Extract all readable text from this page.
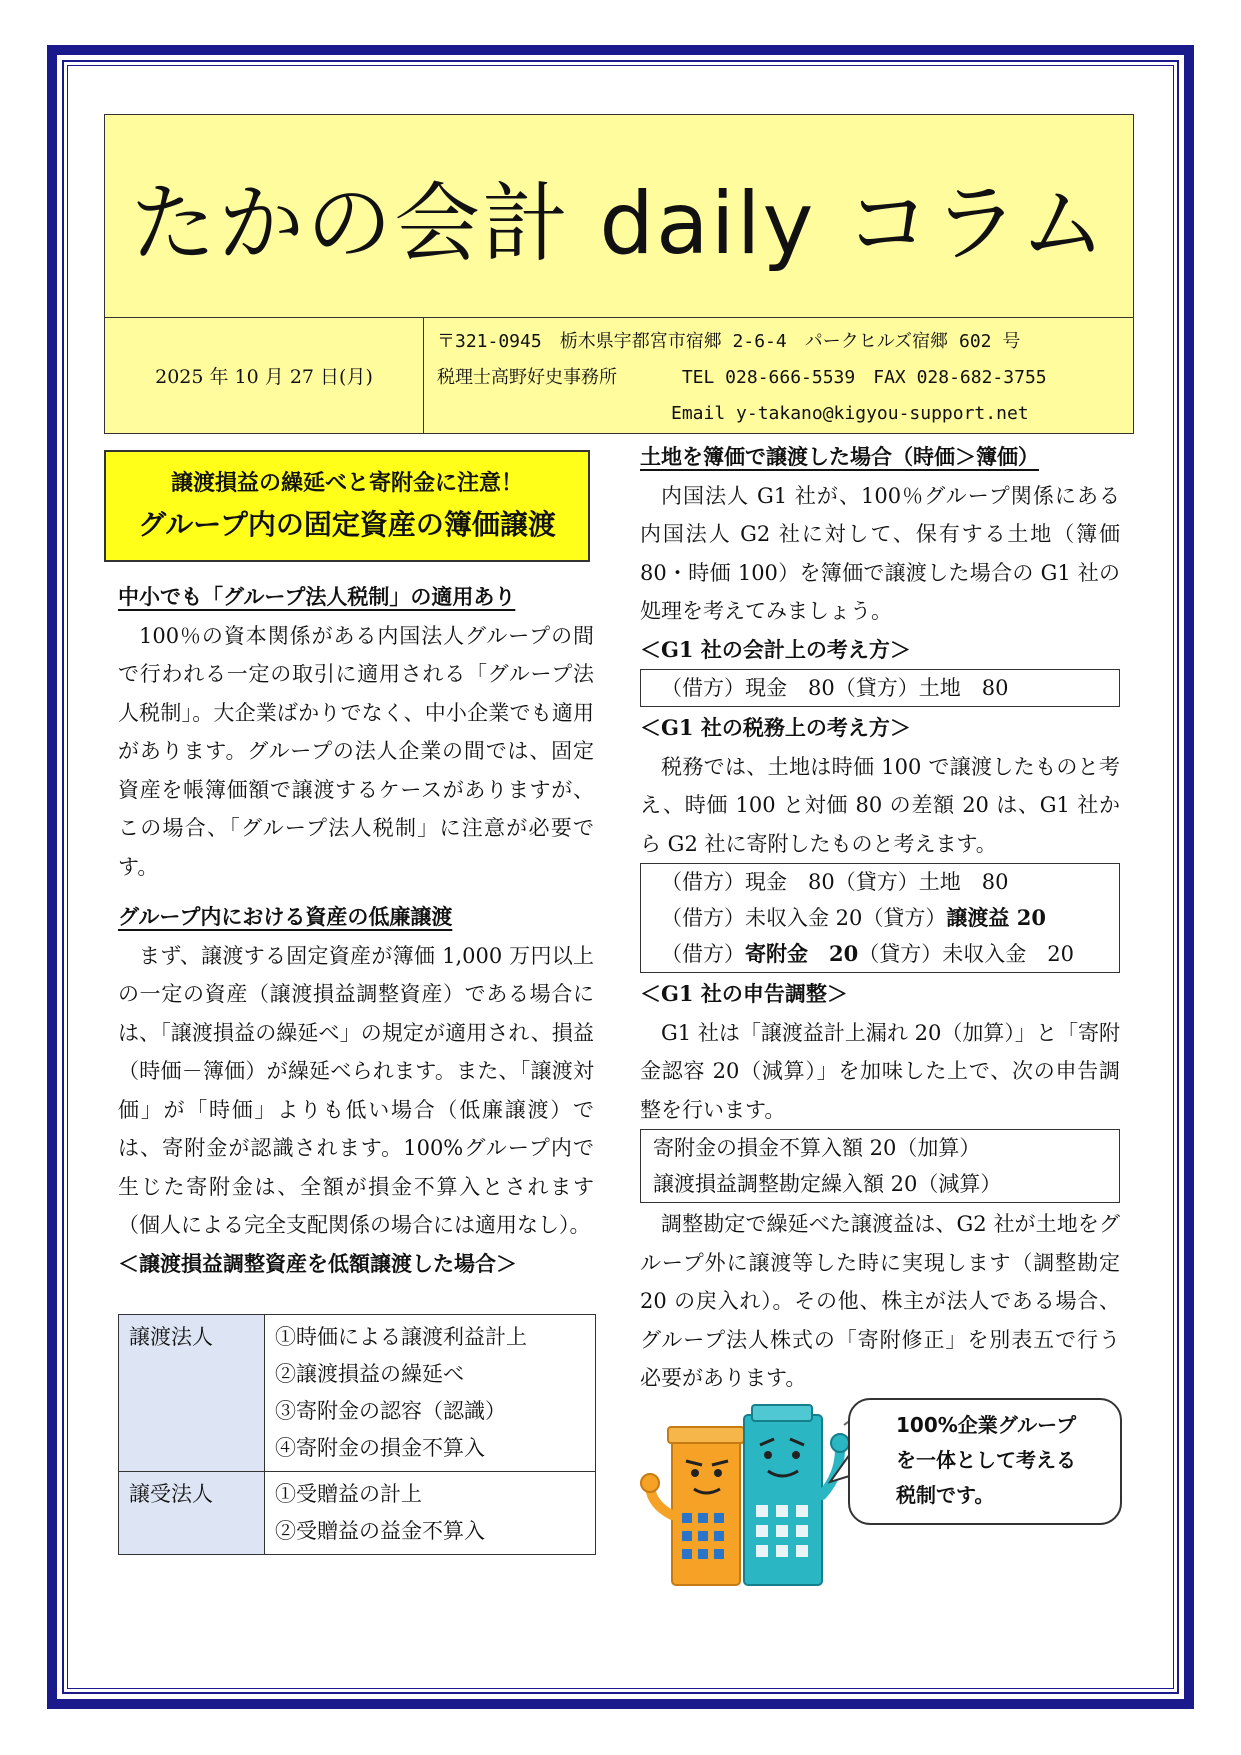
たかの会計 daily コラム
2025 年 10 月 27 日(月)
〒321-0945　栃木県宇都宮市宿郷 2-6-4　パークヒルズ宿郷 602 号
税理士高野好史事務所　　　 TEL 028-666-5539　FAX 028-682-3755
　　　　　　　　　　　　　Email y-takano@kigyou-support.net
譲渡損益の繰延べと寄附金に注意！
グループ内の固定資産の簿価譲渡
中小でも「グループ法人税制」の適用あり
100％の資本関係がある内国法人グループの間で行われる一定の取引に適用される「グループ法人税制」。大企業ばかりでなく、中小企業でも適用があります。グループの法人企業の間では、固定資産を帳簿価額で譲渡するケースがありますが、この場合、「グループ法人税制」に注意が必要です。
グループ内における資産の低廉譲渡
まず、譲渡する固定資産が簿価 1,000 万円以上の一定の資産（譲渡損益調整資産）である場合には、「譲渡損益の繰延べ」の規定が適用され、損益（時価－簿価）が繰延べられます。また、「譲渡対価」が「時価」よりも低い場合（低廉譲渡）では、寄附金が認識されます。100%グループ内で生じた寄附金は、全額が損金不算入とされます（個人による完全支配関係の場合には適用なし）。
＜譲渡損益調整資産を低額譲渡した場合＞
譲渡法人	①時価による譲渡利益計上
②譲渡損益の繰延べ
③寄附金の認容（認識）
④寄附金の損金不算入

譲受法人	①受贈益の計上
②受贈益の益金不算入
土地を簿価で譲渡した場合（時価＞簿価）
内国法人 G1 社が、100％グループ関係にある内国法人 G2 社に対して、保有する土地（簿価 80・時価 100）を簿価で譲渡した場合の G1 社の処理を考えてみましょう。
＜G1 社の会計上の考え方＞
（借方）現金　80（貸方）土地　80
＜G1 社の税務上の考え方＞
税務では、土地は時価 100 で譲渡したものと考え、時価 100 と対価 80 の差額 20 は、G1 社から G2 社に寄附したものと考えます。
（借方）現金　80（貸方）土地　80
（借方）未収入金 20（貸方）譲渡益 20
（借方）寄附金　20（貸方）未収入金　20
＜G1 社の申告調整＞
G1 社は「譲渡益計上漏れ 20（加算）」と「寄附金認容 20（減算）」を加味した上で、次の申告調整を行います。
寄附金の損金不算入額 20（加算）
譲渡損益調整勘定繰入額 20（減算）
調整勘定で繰延べた譲渡益は、G2 社が土地をグループ外に譲渡等した時に実現します（調整勘定 20 の戻入れ）。その他、株主が法人である場合、グループ法人株式の「寄附修正」を別表五で行う必要があります。
100%企業グループ
を一体として考える
税制です。
